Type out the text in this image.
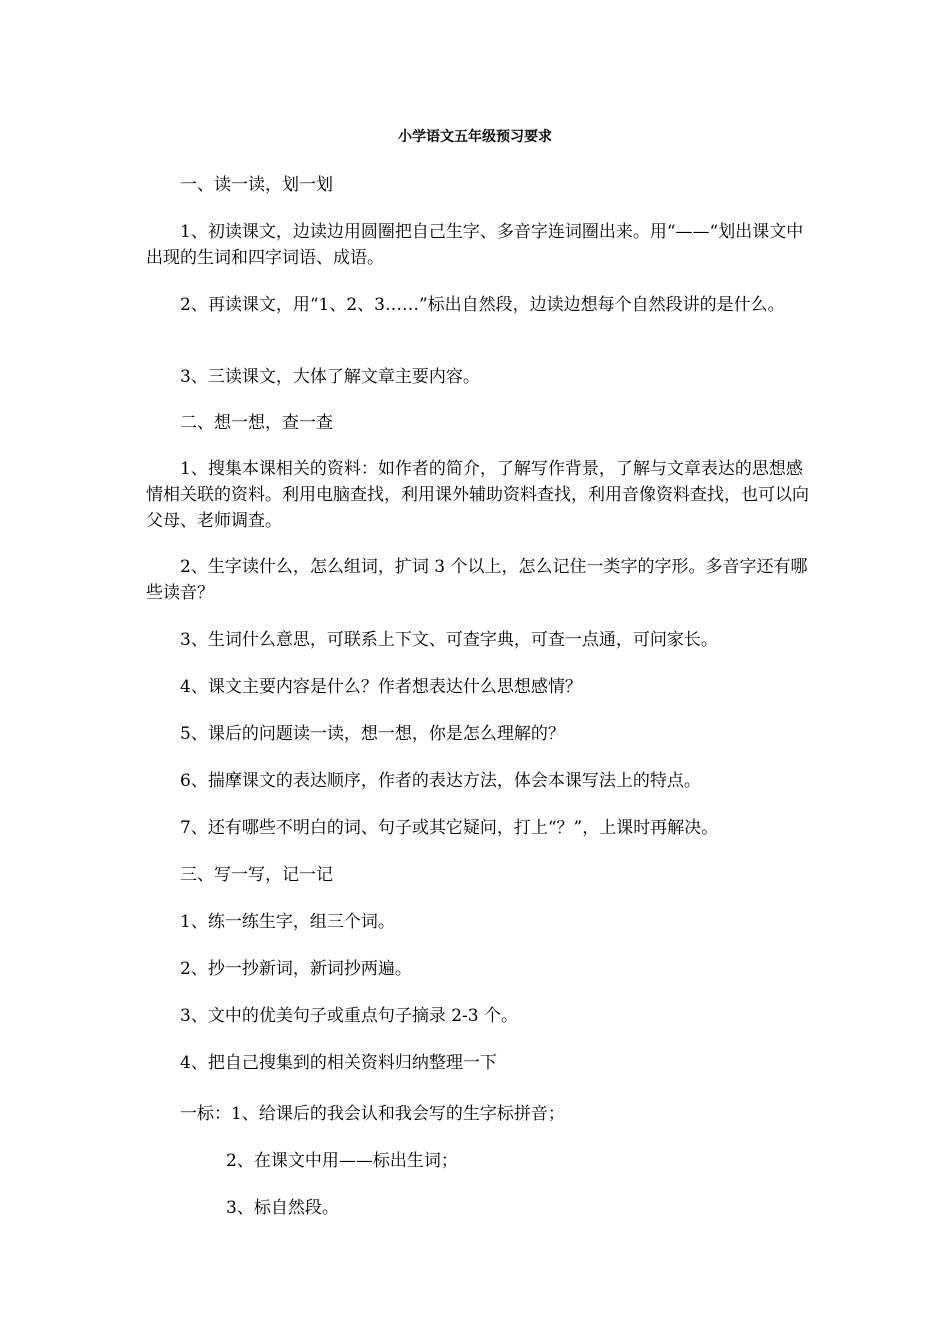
小学语文五年级预习要求

一、读一读，划一划

1、初读课文，边读边用圆圈把自己生字、多音字连词圈出来。用“——“划出课文中出现的生词和四字词语、成语。

2、再读课文，用“1、2、3……”标出自然段，边读边想每个自然段讲的是什么。

3、三读课文，大体了解文章主要内容。

二、想一想，查一查

1、搜集本课相关的资料：如作者的简介，了解写作背景，了解与文章表达的思想感情相关联的资料。利用电脑查找，利用课外辅助资料查找，利用音像资料查找，也可以向父母、老师调查。

2、生字读什么，怎么组词，扩词 3 个以上，怎么记住一类字的字形。多音字还有哪些读音？

3、生词什么意思，可联系上下文、可查字典，可查一点通，可问家长。

4、课文主要内容是什么？作者想表达什么思想感情？

5、课后的问题读一读，想一想，你是怎么理解的？

6、揣摩课文的表达顺序，作者的表达方法，体会本课写法上的特点。

7、还有哪些不明白的词、句子或其它疑问，打上“？”，上课时再解决。

三、写一写，记一记

1、练一练生字，组三个词。

2、抄一抄新词，新词抄两遍。

3、文中的优美句子或重点句子摘录 2-3 个。

4、把自己搜集到的相关资料归纳整理一下

一标：1、给课后的我会认和我会写的生字标拼音；

2、在课文中用——标出生词；

3、标自然段。
